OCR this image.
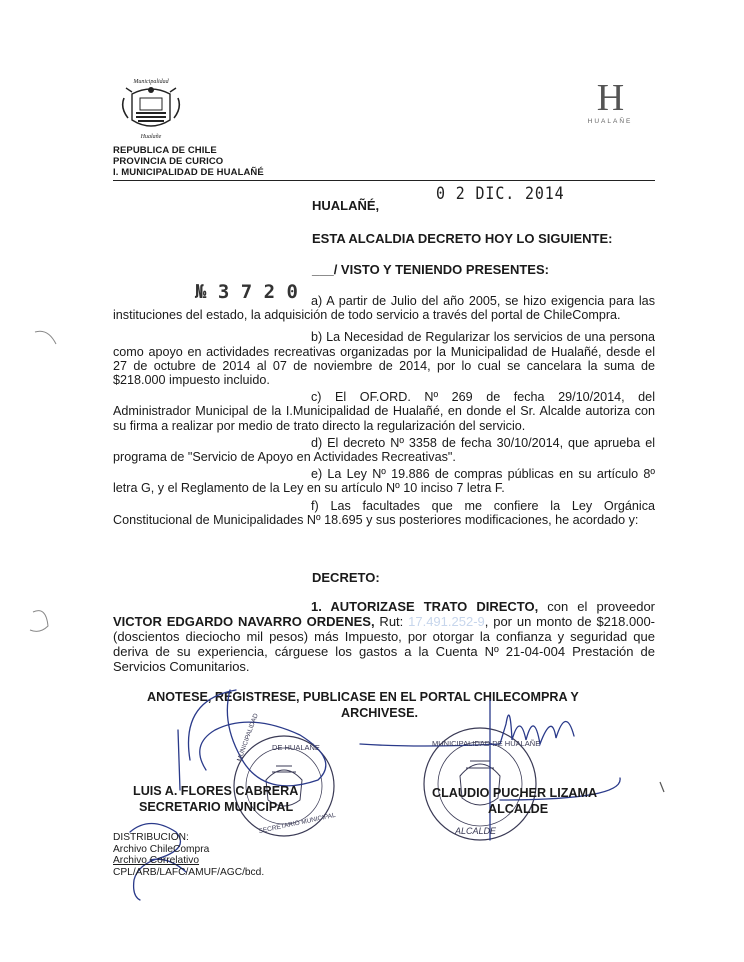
Municipalidad
Hualañe
H
HUALAÑE
REPUBLICA DE CHILE
PROVINCIA DE CURICO
I. MUNICIPALIDAD DE HUALAÑÉ
HUALAÑÉ,
0 2 DIC. 2014
ESTA ALCALDIA DECRETO HOY LO SIGUIENTE:
___/ VISTO Y TENIENDO PRESENTES:
№ 3 7 2 0	a) A partir de Julio del año 2005, se hizo exigencia para las instituciones del estado, la adquisición de todo servicio a través del portal de ChileCompra.
b) La Necesidad de Regularizar los servicios de una persona como apoyo en actividades recreativas organizadas por la Municipalidad de Hualañé, desde el 27 de octubre de 2014 al 07 de noviembre de 2014, por lo cual se cancelara la suma de $218.000 impuesto incluido.
c) El OF.ORD. Nº 269 de fecha 29/10/2014, del Administrador Municipal de la I.Municipalidad de Hualañé, en donde el Sr. Alcalde autoriza con su firma a realizar por medio de trato directo la regularización del servicio.
d) El decreto Nº 3358 de fecha 30/10/2014, que aprueba el programa de "Servicio de Apoyo en Actividades Recreativas".
e) La Ley Nº 19.886 de compras públicas en su artículo 8º letra G, y el Reglamento de la Ley en su artículo Nº 10 inciso 7 letra F.
f) Las facultades que me confiere la Ley Orgánica Constitucional de Municipalidades Nº 18.695 y sus posteriores modificaciones, he acordado y:
DECRETO:
1. AUTORIZASE TRATO DIRECTO, con el proveedor VICTOR EDGARDO NAVARRO ORDENES, Rut: 17.491.252-9, por un monto de $218.000- (doscientos dieciocho mil pesos) más Impuesto, por otorgar la confianza y seguridad que deriva de su experiencia, cárguese los gastos a la Cuenta Nº 21-04-004 Prestación de Servicios Comunitarios.
ANOTESE, REGISTRESE, PUBLICASE EN EL PORTAL CHILECOMPRA Y
ARCHIVESE.
DE HUALAÑE
MUNICIPALIDAD
SECRETARIO MUNICIPAL
MUNICIPALIDAD DE HUALAÑE
ALCALDE
LUIS A. FLORES CABRERA
SECRETARIO MUNICIPAL
CLAUDIO PUCHER LIZAMA
ALCALDE
DISTRIBUCION:
Archivo ChileCompra
Archivo Correlativo
CPL/ARB/LAFC/AMUF/AGC/bcd.
